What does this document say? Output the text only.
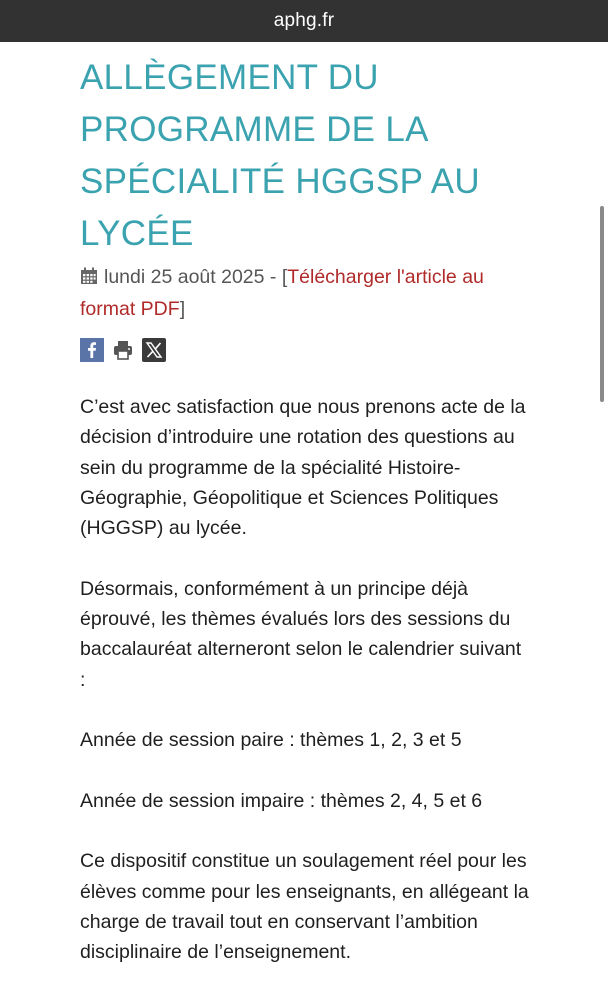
aphg.fr
ALLÈGEMENT DU PROGRAMME DE LA SPÉCIALITÉ HGGSP AU LYCÉE
lundi 25 août 2025 - [Télécharger l'article au format PDF]

C’est avec satisfaction que nous prenons acte de la décision d’introduire une rotation des questions au sein du programme de la spécialité Histoire-Géographie, Géopolitique et Sciences Politiques (HGGSP) au lycée.

Désormais, conformément à un principe déjà éprouvé, les thèmes évalués lors des sessions du baccalauréat alterneront selon le calendrier suivant :

Année de session paire : thèmes 1, 2, 3 et 5

Année de session impaire : thèmes 2, 4, 5 et 6

Ce dispositif constitue un soulagement réel pour les élèves comme pour les enseignants, en allégeant la charge de travail tout en conservant l’ambition disciplinaire de l’enseignement.
